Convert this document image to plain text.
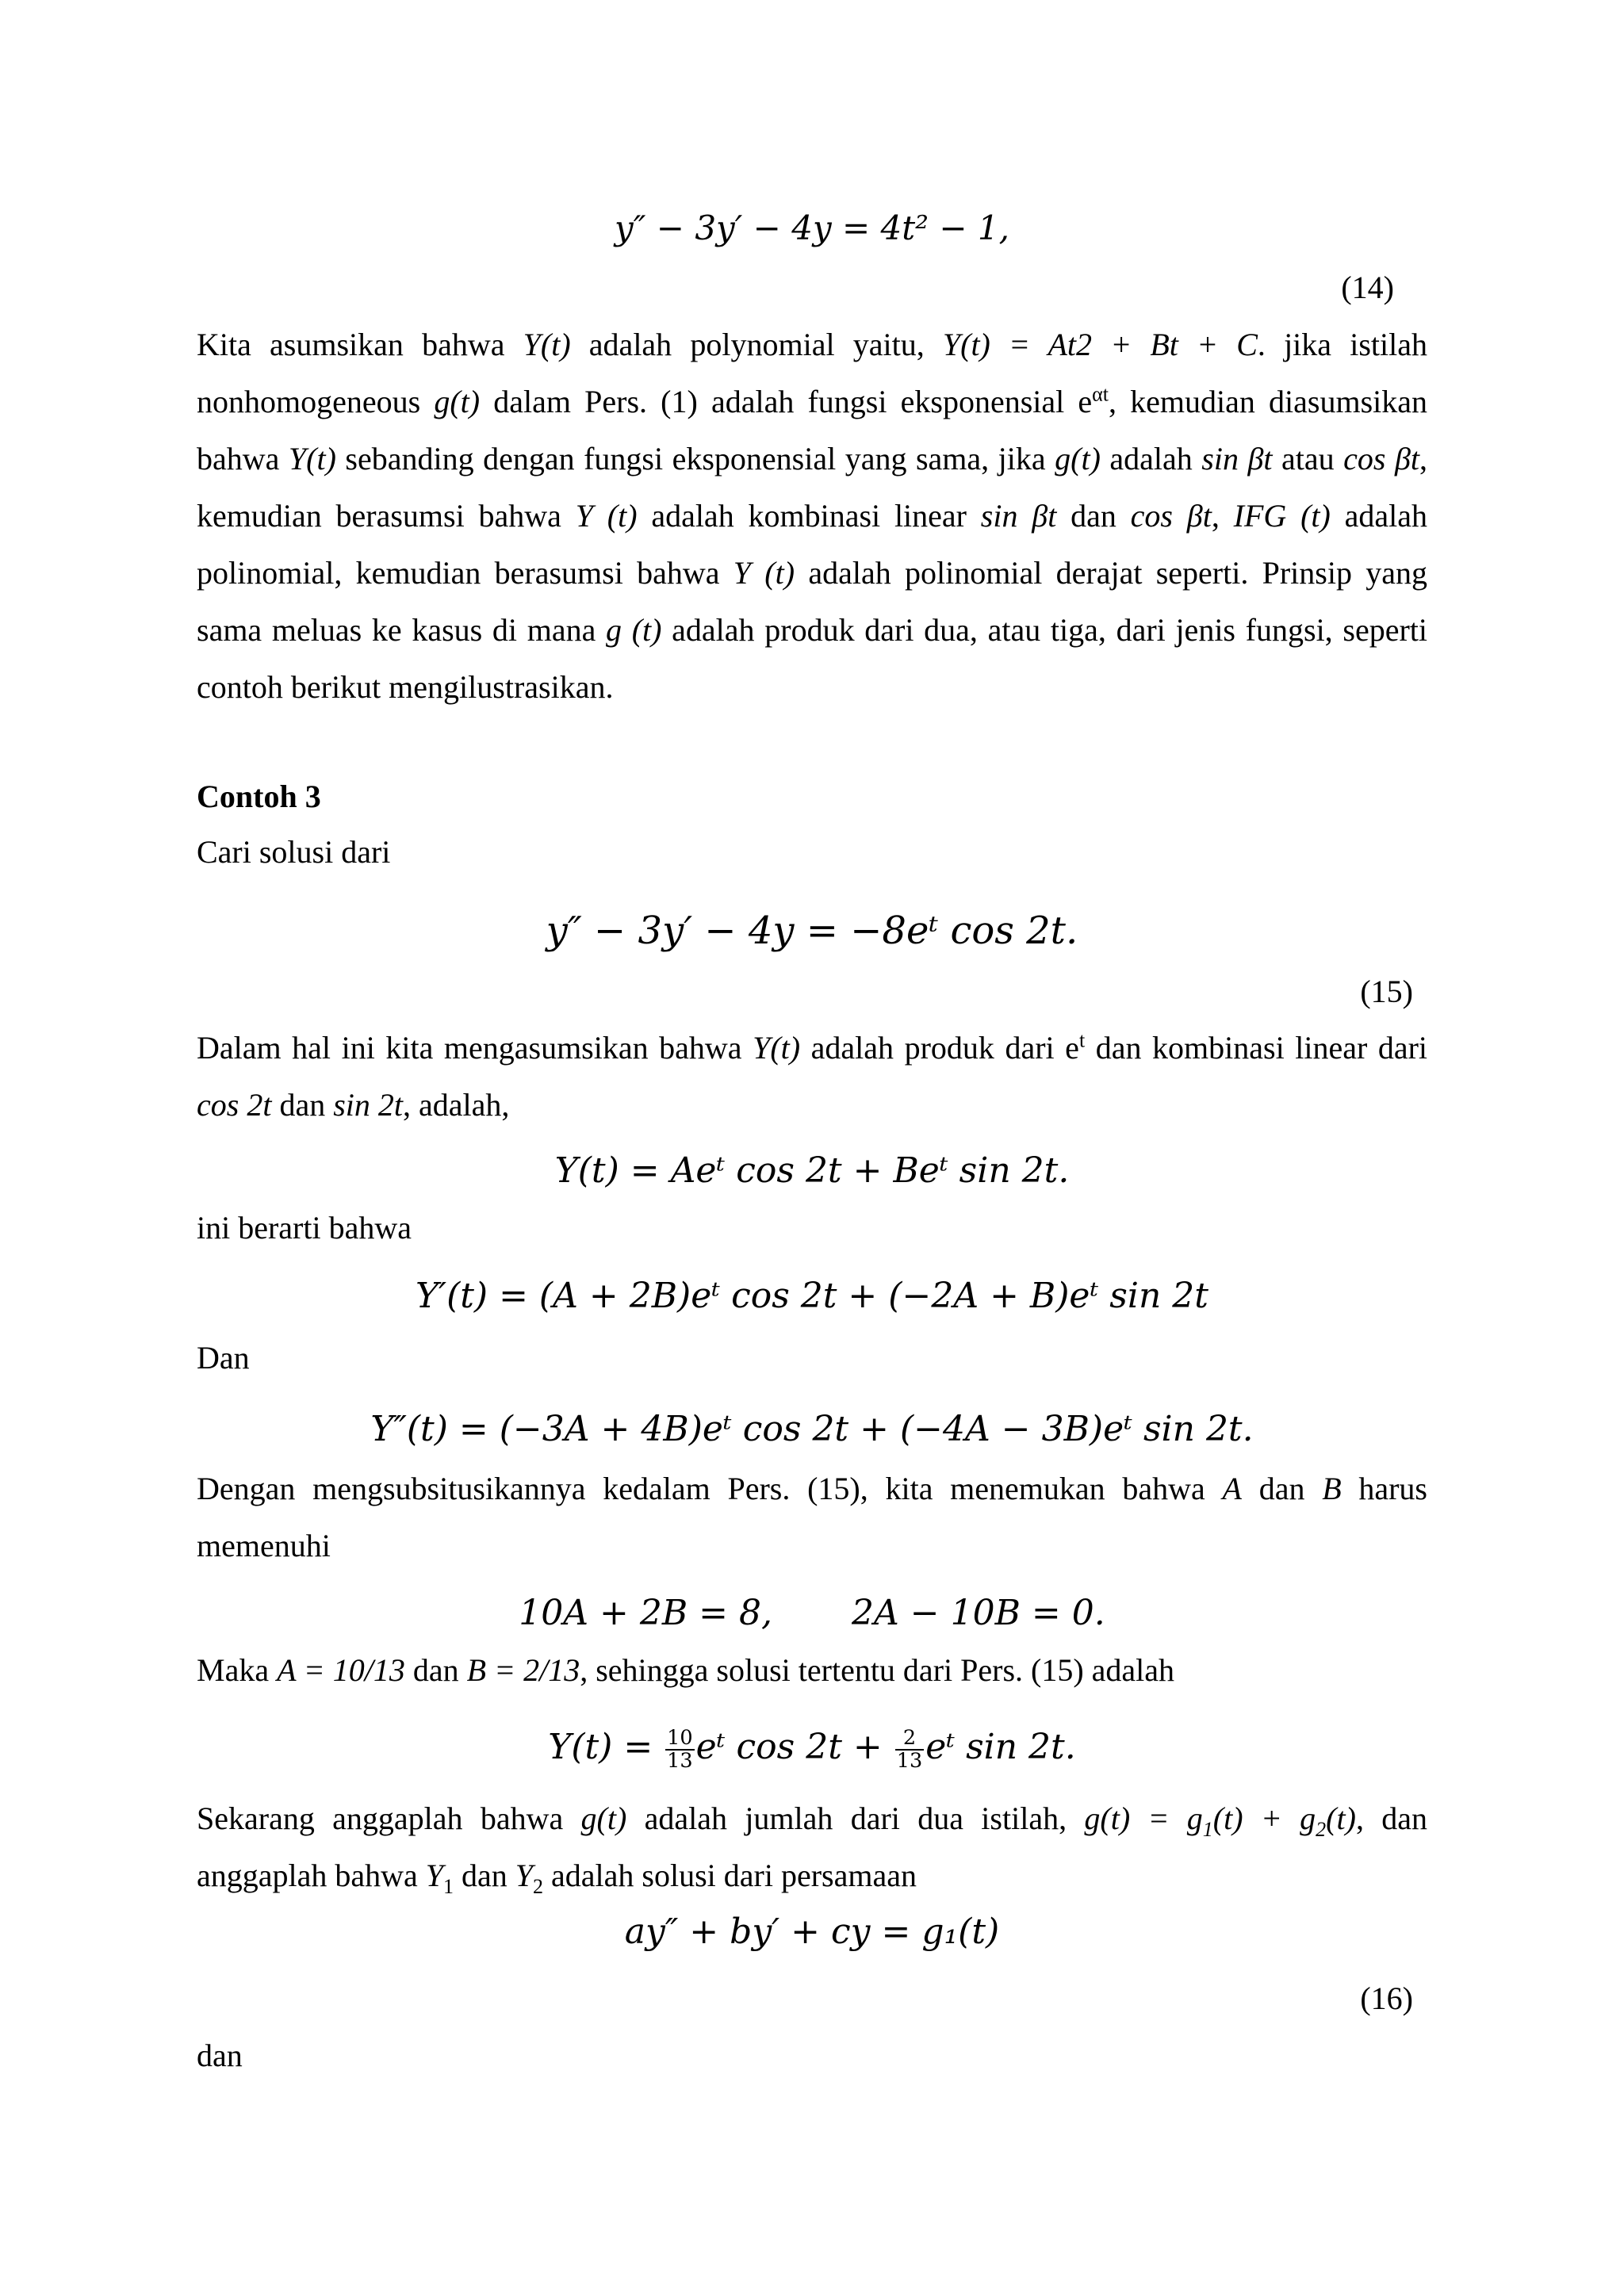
y″ − 3y′ − 4y = 4t² − 1,
(14)

Kita asumsikan bahwa Y(t) adalah polynomial yaitu, Y(t) = At2 + Bt + C. jika istilah nonhomogeneous g(t) dalam Pers. (1) adalah fungsi eksponensial $e^{\alpha t}$, kemudian diasumsikan bahwa Y(t) sebanding dengan fungsi eksponensial yang sama, jika g(t) adalah sin βt atau cos βt, kemudian berasumsi bahwa Y (t) adalah kombinasi linear sin βt dan cos βt, IFG (t) adalah polinomial, kemudian berasumsi bahwa Y (t) adalah polinomial derajat seperti. Prinsip yang sama meluas ke kasus di mana g (t) adalah produk dari dua, atau tiga, dari jenis fungsi, seperti contoh berikut mengilustrasikan.

Contoh 3
Cari solusi dari
y″ − 3y′ − 4y = −8eᵗ cos 2t.
(15)

Dalam hal ini kita mengasumsikan bahwa Y(t) adalah produk dari $e^t$ dan kombinasi linear dari cos 2t dan sin 2t, adalah,

Y(t) = Aeᵗ cos 2t + Beᵗ sin 2t.
ini berarti bahwa
Y′(t) = (A + 2B)eᵗ cos 2t + (−2A + B)eᵗ sin 2t
Dan
Y″(t) = (−3A + 4B)eᵗ cos 2t + (−4A − 3B)eᵗ sin 2t.

Dengan mengsubsitusikannya kedalam Pers. (15), kita menemukan bahwa A dan B harus memenuhi

10A + 2B = 8, 2A − 10B = 0.
Maka A = 10/13 dan B = 2/13, sehingga solusi tertentu dari Pers. (15) adalah
$Y(t) = \frac{10}{13}$ eᵗ $\cos 2t + \frac{2}{13}$ eᵗ sin 2t.

Sekarang anggaplah bahwa g(t) adalah jumlah dari dua istilah, $g(t) = g_1(t) + g_2(t)$, dan anggaplah bahwa $Y_1$ dan $Y_2$ adalah solusi dari persamaan

ay″ + by′ + cy = g₁(t)
(16)
dan
